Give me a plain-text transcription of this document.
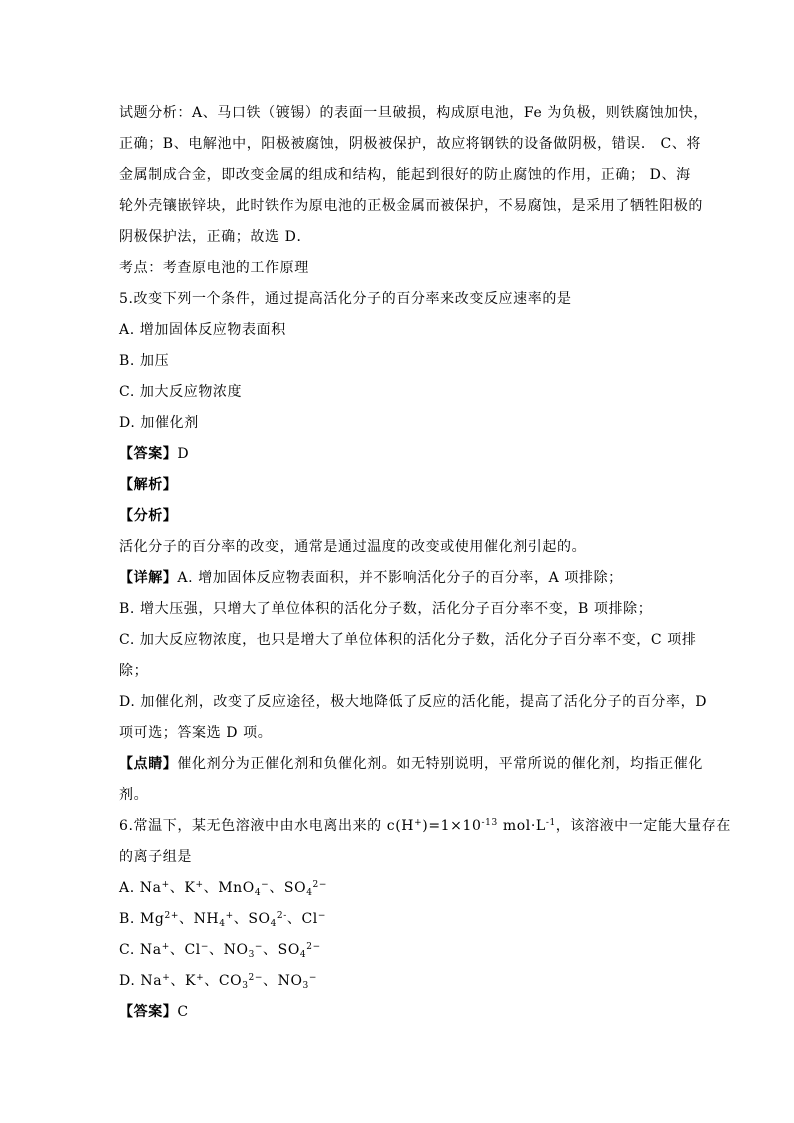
试题分析：A、马口铁（镀锡）的表面一旦破损，构成原电池，Fe 为负极，则铁腐蚀加快，
正确；B、电解池中，阳极被腐蚀，阴极被保护，故应将钢铁的设备做阴极，错误． C、将
金属制成合金，即改变金属的组成和结构，能起到很好的防止腐蚀的作用，正确； D、海
轮外壳镶嵌锌块，此时铁作为原电池的正极金属而被保护，不易腐蚀，是采用了牺牲阳极的
阴极保护法，正确；故选 D．
考点：考查原电池的工作原理
5.改变下列一个条件，通过提高活化分子的百分率来改变反应速率的是
A. 增加固体反应物表面积
B. 加压
C. 加大反应物浓度
D. 加催化剂
【答案】D
【解析】
【分析】
活化分子的百分率的改变，通常是通过温度的改变或使用催化剂引起的。
【详解】A. 增加固体反应物表面积，并不影响活化分子的百分率，A 项排除；
B. 增大压强，只增大了单位体积的活化分子数，活化分子百分率不变，B 项排除；
C. 加大反应物浓度，也只是增大了单位体积的活化分子数，活化分子百分率不变，C 项排
除；
D. 加催化剂，改变了反应途径，极大地降低了反应的活化能，提高了活化分子的百分率，D
项可选；答案选 D 项。
【点睛】催化剂分为正催化剂和负催化剂。如无特别说明，平常所说的催化剂，均指正催化
剂。
6.常温下，某无色溶液中由水电离出来的 $c(H^+)=1\times 10^{-13}$ $mol\cdot L^{-1}$，该溶液中一定能大量存在
的离子组是
A. Na+、K+、MnO$_4$−、$SO_4^{2-}$
B. $Mg^{2+}$、$NH_4^+$、$SO_4^{2-}$、Cl−
C. Na+、Cl−、$NO_3^-$、$SO_4^{2-}$
D. Na+、K+、$CO_3^{2-}$、$NO_3^-$
【答案】C
